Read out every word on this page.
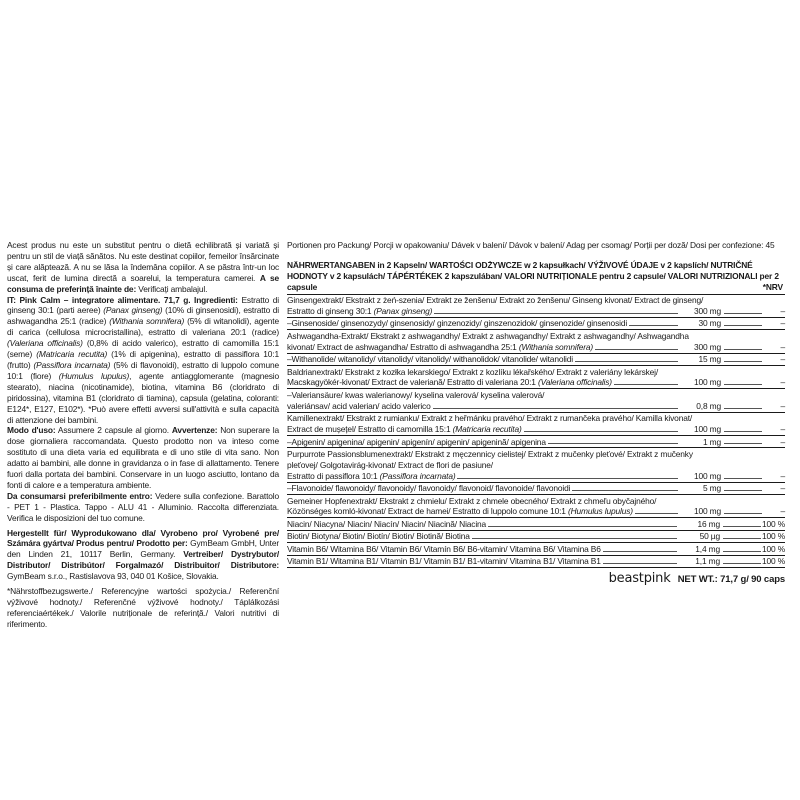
Acest produs nu este un substitut pentru o dietă echilibrată și variată și pentru un stil de viață sănătos. Nu este destinat copiilor, femeilor însărcinate și care alăptează. A nu se lăsa la îndemâna copiilor. A se păstra într-un loc uscat, ferit de lumina directă a soarelui, la temperatura camerei. A se consuma de preferință înainte de: Verificați ambalajul.

IT: Pink Calm – integratore alimentare. 71,7 g. Ingredienti: Estratto di ginseng 30:1 (parti aeree) (Panax ginseng) (10% di ginsenosidi), estratto di ashwagandha 25:1 (radice) (Withania somnifera) (5% di witanolidi), agente di carica (cellulosa microcristallina), estratto di valeriana 20:1 (radice) (Valeriana officinalis) (0,8% di acido valerico), estratto di camomilla 15:1 (seme) (Matricaria recutita) (1% di apigenina), estratto di passiflora 10:1 (frutto) (Passiflora incarnata) (5% di flavonoidi), estratto di luppolo comune 10:1 (fiore) (Humulus lupulus), agente antiagglomerante (magnesio stearato), niacina (nicotinamide), biotina, vitamina B6 (cloridrato di piridossina), vitamina B1 (cloridrato di tiamina), capsula (gelatina, coloranti: E124*, E127, E102*). *Può avere effetti avversi sull'attività e sulla capacità di attenzione dei bambini.

Modo d'uso: Assumere 2 capsule al giorno. Avvertenze: Non superare la dose giornaliera raccomandata. Questo prodotto non va inteso come sostituto di una dieta varia ed equilibrata e di uno stile di vita sano. Non adatto ai bambini, alle donne in gravidanza o in fase di allattamento. Tenere fuori dalla portata dei bambini. Conservare in un luogo asciutto, lontano da fonti di calore e a temperatura ambiente.

Da consumarsi preferibilmente entro: Vedere sulla confezione. Barattolo - PET 1 - Plastica. Tappo - ALU 41 - Alluminio. Raccolta differenziata. Verifica le disposizioni del tuo comune.

Hergestellt für/ Wyprodukowano dla/ Vyrobeno pro/ Vyrobené pre/ Számára gyártva/ Produs pentru/ Prodotto per: GymBeam GmbH, Unter den Linden 21, 10117 Berlin, Germany. Vertreiber/ Dystrybutor/ Distributor/ Distribútor/ Forgalmazó/ Distribuitor/ Distributore: GymBeam s.r.o., Rastislavova 93, 040 01 Košice, Slovakia.

*Nährstoffbezugswerte./ Referencyjne wartości spożycia./ Referenční výživové hodnoty./ Referenčné výživové hodnoty./ Táplálkozási referenciaértékek./ Valorile nutriționale de referință./ Valori nutritivi di riferimento.

Portionen pro Packung/ Porcji w opakowaniu/ Dávek v balení/ Dávok v balení/ Adag per csomag/ Porții per doză/ Dosi per confezione: 45

NÄHRWERTANGABEN in 2 Kapseln/ WARTOŚCI ODŻYWCZE w 2 kapsułkach/ VÝŽIVOVÉ ÚDAJE v 2 kapslích/ NUTRIČNÉ HODNOTY v 2 kapsulách/ TÁPÉRTÉKEK 2 kapszulában/ VALORI NUTRIȚIONALE pentru 2 capsule/ VALORI NUTRIZIONALI per 2 capsule	*NRV
Ginsengextrakt/ Ekstrakt z żeń-szenia/ Extrakt ze ženšenu/ Extrakt zo ženšenu/ Ginseng kivonat/ Extract de ginseng/
Estratto di ginseng 30:1 (Panax ginseng)	300 mg	–
–Ginsenoside/ ginsenozydy/ ginsenosidy/ ginzenozidy/ ginszenozidok/ ginsenozide/ ginsenosidi	30 mg	–
Ashwagandha-Extrakt/ Ekstrakt z ashwagandhy/ Extrakt z ashwagandhy/ Extrakt z ashwagandhy/ Ashwagandha
kivonat/ Extract de ashwagandha/ Estratto di ashwagandha 25:1 (Withania somnifera)	300 mg	–
–Withanolide/ witanolidy/ vitanolidy/ vitanolidy/ withanolidok/ vitanolide/ witanolidi	15 mg	–
Baldrianextrakt/ Ekstrakt z kozłka lekarskiego/ Extrakt z kozlíku lékařského/ Extrakt z valeriány lekárskej/
Macskagyökér-kivonat/ Extract de valeriană/ Estratto di valeriana 20:1 (Valeriana officinalis)	100 mg	–
–Valeriansäure/ kwas walerianowy/ kyselina valerová/ kyselina valerová/
valeriánsav/ acid valerian/ acido valerico	0,8 mg	–
Kamillenextrakt/ Ekstrakt z rumianku/ Extrakt z heřmánku pravého/ Extrakt z rumančeka pravého/ Kamilla kivonat/
Extract de mușețel/ Estratto di camomilla 15:1 (Matricaria recutita)	100 mg	–
–Apigenin/ apigenina/ apigenin/ apigenín/ apigenin/ apigenină/ apigenina	1 mg	–
Purpurrote Passionsblumenextrakt/ Ekstrakt z męczennicy cielistej/ Extrakt z mučenky pleťové/ Extrakt z mučenky
pleťovej/ Golgotavirág-kivonat/ Extract de flori de pasiune/
Estratto di passiflora 10:1 (Passiflora incarnata)	100 mg	–
–Flavonoide/ flawonoidy/ flavonoidy/ flavonoidy/ flavonoid/ flavonoide/ flavonoidi	5 mg	–
Gemeiner Hopfenextrakt/ Ekstrakt z chmielu/ Extrakt z chmele obecného/ Extrakt z chmeľu obyčajného/
Közönséges komló-kivonat/ Extract de hamei/ Estratto di luppolo comune 10:1 (Humulus lupulus)	100 mg	–
Niacin/ Niacyna/ Niacin/ Niacín/ Niacin/ Niacină/ Niacina	16 mg	100 %
Biotin/ Biotyna/ Biotin/ Biotín/ Biotin/ Biotină/ Biotina	50 µg	100 %
Vitamin B6/ Witamina B6/ Vitamin B6/ Vitamín B6/ B6-vitamin/ Vitamina B6/ Vitamina B6	1,4 mg	100 %
Vitamin B1/ Witamina B1/ Vitamin B1/ Vitamín B1/ B1-vitamin/ Vitamina B1/ Vitamina B1	1,1 mg	100 %
beastpink NET WT.: 71,7 g/ 90 caps
